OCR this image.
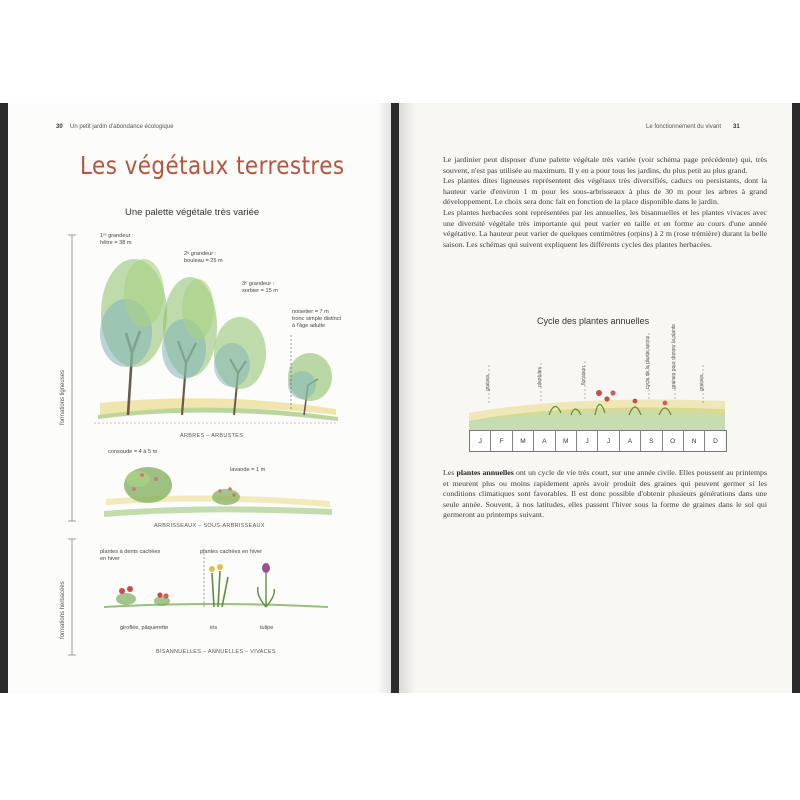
30 Un petit jardin d'abondance écologique
Les végétaux terrestres
Une palette végétale très variée
formations ligneuses
formations herbacées
1ʳᵉ grandeur :
hêtre = 38 m
2ᵉ grandeur :
bouleau = 25 m
3ᵉ grandeur :
sorbier = 15 m
noisetier = 7 m
tronc simple distinct
à l'âge adulte
ARBRES – ARBUSTES
consoude = 4 à 5 m
lavande = 1 m
ARBRISSEAUX – SOUS-ARBRISSEAUX
plantes à dents cachées
en hiver
plantes cachées en hiver
giroflée, pâquerette	iris	tulipe
BISANNUELLES – ANNUELLES – VIVACES
Le fonctionnement du vivant 31

Le jardinier peut disposer d'une palette végétale très variée (voir schéma page précédente) qui, très souvent, n'est pas utilisée au maximum. Il y en a pour tous les jardins, du plus petit au plus grand.

Les plantes dites ligneuses représentent des végétaux très diversifiés, caducs ou persistants, dont la hauteur varie d'environ 1 m pour les sous-arbrisseaux à plus de 30 m pour les arbres à grand développement. Le choix sera donc fait en fonction de la place disponible dans le jardin.

Les plantes herbacées sont représentées par les annuelles, les bisannuelles et les plantes vivaces avec une diversité végétale très importante qui peut varier en taille et en forme au cours d'une année végétative. La hauteur peut varier de quelques centimètres (orpins) à 2 m (rose trémière) durant la belle saison. Les schémas qui suivent expliquent les différents cycles des plantes herbacées.

Cycle des plantes annuelles
graines	plantules	floraison	cycle de la plante semis	graines pour donner la plante	graines
J	F	M	A	M	J	J	A	S	O	N	D

Les plantes annuelles ont un cycle de vie très court, sur une année civile. Elles poussent au printemps et meurent plus ou moins rapidement après avoir produit des graines qui peuvent germer si les conditions climatiques sont favorables. Il est donc possible d'obtenir plusieurs générations dans une seule année. Souvent, à nos latitudes, elles passent l'hiver sous la forme de graines dans le sol qui germeront au printemps suivant.
